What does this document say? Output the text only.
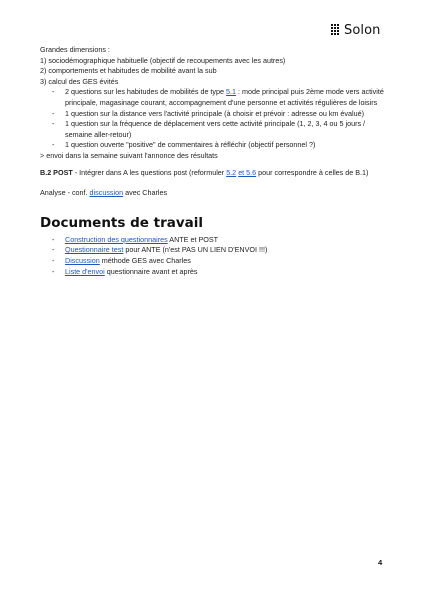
Solon

Grandes dimensions :

1) sociodémographique habituelle (objectif de recoupements avec les autres)

2) comportements et habitudes de mobilité avant la sub

3) calcul des GES évités

- 2 questions sur les habitudes de mobilités de type 5.1 : mode principal puis 2ème mode vers activité principale, magasinage courant, accompagnement d'une personne et activités régulières de loisirs
- 1 question sur la distance vers l'activité principale (à choisir et prévoir : adresse ou km évalué)
- 1 question sur la fréquence de déplacement vers cette activité principale (1, 2, 3, 4 ou 5 jours / semaine aller-retour)
- 1 question ouverte "positive" de commentaires à réfléchir (objectif personnel ?)

> envoi dans la semaine suivant l'annonce des résultats

B.2 POST - Intégrer dans A les questions post (reformuler 5.2 et 5.6 pour correspondre à celles de B.1)

Analyse - conf. discussion avec Charles

Documents de travail
- Construction des questionnaires ANTE et POST
- Questionnaire test pour ANTE (n'est PAS UN LIEN D'ENVOI !!!)
- Discussion méthode GES avec Charles
- Liste d'envoi questionnaire avant et après
4
